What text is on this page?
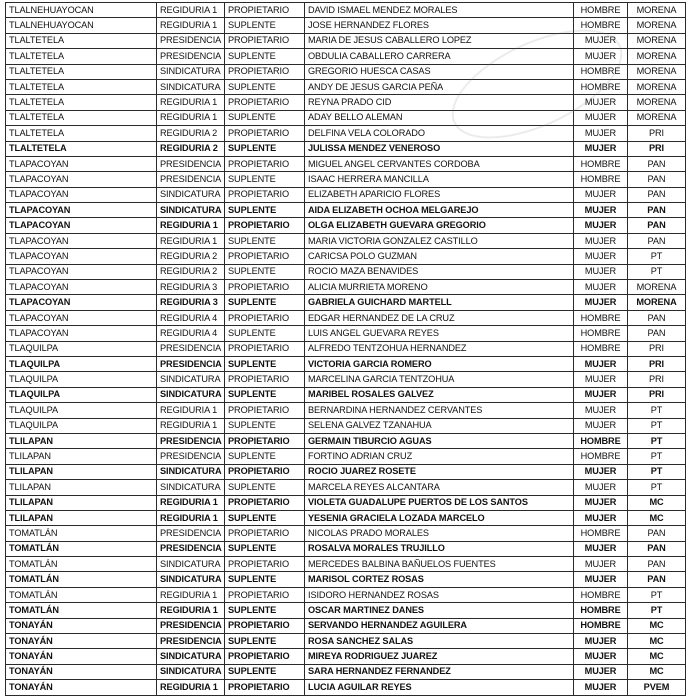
TLALNEHUAYOCAN	REGIDURIA 1	PROPIETARIO	DAVID ISMAEL MENDEZ MORALES	HOMBRE	MORENA
TLALNEHUAYOCAN	REGIDURIA 1	SUPLENTE	JOSE HERNANDEZ FLORES	HOMBRE	MORENA
TLALTETELA	PRESIDENCIA	PROPIETARIO	MARIA DE JESUS CABALLERO LOPEZ	MUJER	MORENA
TLALTETELA	PRESIDENCIA	SUPLENTE	OBDULIA CABALLERO CARRERA	MUJER	MORENA
TLALTETELA	SINDICATURA	PROPIETARIO	GREGORIO HUESCA CASAS	HOMBRE	MORENA
TLALTETELA	SINDICATURA	SUPLENTE	ANDY DE JESUS GARCIA PEÑA	HOMBRE	MORENA
TLALTETELA	REGIDURIA 1	PROPIETARIO	REYNA PRADO CID	MUJER	MORENA
TLALTETELA	REGIDURIA 1	SUPLENTE	ADAY BELLO ALEMAN	MUJER	MORENA
TLALTETELA	REGIDURIA 2	PROPIETARIO	DELFINA VELA COLORADO	MUJER	PRI
TLALTETELA	REGIDURIA 2	SUPLENTE	JULISSA MENDEZ VENEROSO	MUJER	PRI
TLAPACOYAN	PRESIDENCIA	PROPIETARIO	MIGUEL ANGEL CERVANTES CORDOBA	HOMBRE	PAN
TLAPACOYAN	PRESIDENCIA	SUPLENTE	ISAAC HERRERA MANCILLA	HOMBRE	PAN
TLAPACOYAN	SINDICATURA	PROPIETARIO	ELIZABETH APARICIO FLORES	MUJER	PAN
TLAPACOYAN	SINDICATURA	SUPLENTE	AIDA ELIZABETH OCHOA MELGAREJO	MUJER	PAN
TLAPACOYAN	REGIDURIA 1	PROPIETARIO	OLGA ELIZABETH GUEVARA GREGORIO	MUJER	PAN
TLAPACOYAN	REGIDURIA 1	SUPLENTE	MARIA VICTORIA GONZALEZ CASTILLO	MUJER	PAN
TLAPACOYAN	REGIDURIA 2	PROPIETARIO	CARICSA POLO GUZMAN	MUJER	PT
TLAPACOYAN	REGIDURIA 2	SUPLENTE	ROCIO MAZA BENAVIDES	MUJER	PT
TLAPACOYAN	REGIDURIA 3	PROPIETARIO	ALICIA MURRIETA MORENO	MUJER	MORENA
TLAPACOYAN	REGIDURIA 3	SUPLENTE	GABRIELA GUICHARD MARTELL	MUJER	MORENA
TLAPACOYAN	REGIDURIA 4	PROPIETARIO	EDGAR HERNANDEZ DE LA CRUZ	HOMBRE	PAN
TLAPACOYAN	REGIDURIA 4	SUPLENTE	LUIS ANGEL GUEVARA REYES	HOMBRE	PAN
TLAQUILPA	PRESIDENCIA	PROPIETARIO	ALFREDO TENTZOHUA HERNANDEZ	HOMBRE	PRI
TLAQUILPA	PRESIDENCIA	SUPLENTE	VICTORIA GARCIA ROMERO	MUJER	PRI
TLAQUILPA	SINDICATURA	PROPIETARIO	MARCELINA GARCIA TENTZOHUA	MUJER	PRI
TLAQUILPA	SINDICATURA	SUPLENTE	MARIBEL ROSALES GALVEZ	MUJER	PRI
TLAQUILPA	REGIDURIA 1	PROPIETARIO	BERNARDINA HERNANDEZ CERVANTES	MUJER	PT
TLAQUILPA	REGIDURIA 1	SUPLENTE	SELENA GALVEZ TZANAHUA	MUJER	PT
TLILAPAN	PRESIDENCIA	PROPIETARIO	GERMAIN TIBURCIO AGUAS	HOMBRE	PT
TLILAPAN	PRESIDENCIA	SUPLENTE	FORTINO ADRIAN CRUZ	HOMBRE	PT
TLILAPAN	SINDICATURA	PROPIETARIO	ROCIO JUAREZ ROSETE	MUJER	PT
TLILAPAN	SINDICATURA	SUPLENTE	MARCELA REYES ALCANTARA	MUJER	PT
TLILAPAN	REGIDURIA 1	PROPIETARIO	VIOLETA GUADALUPE PUERTOS DE LOS SANTOS	MUJER	MC
TLILAPAN	REGIDURIA 1	SUPLENTE	YESENIA GRACIELA LOZADA MARCELO	MUJER	MC
TOMATLÁN	PRESIDENCIA	PROPIETARIO	NICOLAS PRADO MORALES	HOMBRE	PAN
TOMATLÁN	PRESIDENCIA	SUPLENTE	ROSALVA MORALES TRUJILLO	MUJER	PAN
TOMATLÁN	SINDICATURA	PROPIETARIO	MERCEDES BALBINA BAÑUELOS FUENTES	MUJER	PAN
TOMATLÁN	SINDICATURA	SUPLENTE	MARISOL CORTEZ ROSAS	MUJER	PAN
TOMATLÁN	REGIDURIA 1	PROPIETARIO	ISIDORO HERNANDEZ ROSAS	HOMBRE	PT
TOMATLÁN	REGIDURIA 1	SUPLENTE	OSCAR MARTINEZ DANES	HOMBRE	PT
TONAYÁN	PRESIDENCIA	PROPIETARIO	SERVANDO HERNANDEZ AGUILERA	HOMBRE	MC
TONAYÁN	PRESIDENCIA	SUPLENTE	ROSA SANCHEZ SALAS	MUJER	MC
TONAYÁN	SINDICATURA	PROPIETARIO	MIREYA RODRIGUEZ JUAREZ	MUJER	MC
TONAYÁN	SINDICATURA	SUPLENTE	SARA HERNANDEZ FERNANDEZ	MUJER	MC
TONAYÁN	REGIDURIA 1	PROPIETARIO	LUCIA AGUILAR REYES	MUJER	PVEM
